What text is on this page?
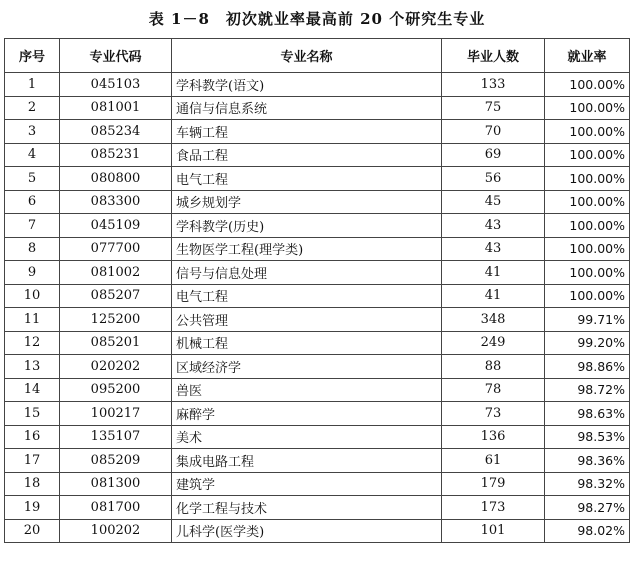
表 1－8　初次就业率最高前 20 个研究生专业
序号	专业代码	专业名称	毕业人数	就业率
1	045103	学科教学(语文)	133	100.00%
2	081001	通信与信息系统	75	100.00%
3	085234	车辆工程	70	100.00%
4	085231	食品工程	69	100.00%
5	080800	电气工程	56	100.00%
6	083300	城乡规划学	45	100.00%
7	045109	学科教学(历史)	43	100.00%
8	077700	生物医学工程(理学类)	43	100.00%
9	081002	信号与信息处理	41	100.00%
10	085207	电气工程	41	100.00%
11	125200	公共管理	348	99.71%
12	085201	机械工程	249	99.20%
13	020202	区域经济学	88	98.86%
14	095200	兽医	78	98.72%
15	100217	麻醉学	73	98.63%
16	135107	美术	136	98.53%
17	085209	集成电路工程	61	98.36%
18	081300	建筑学	179	98.32%
19	081700	化学工程与技术	173	98.27%
20	100202	儿科学(医学类)	101	98.02%
